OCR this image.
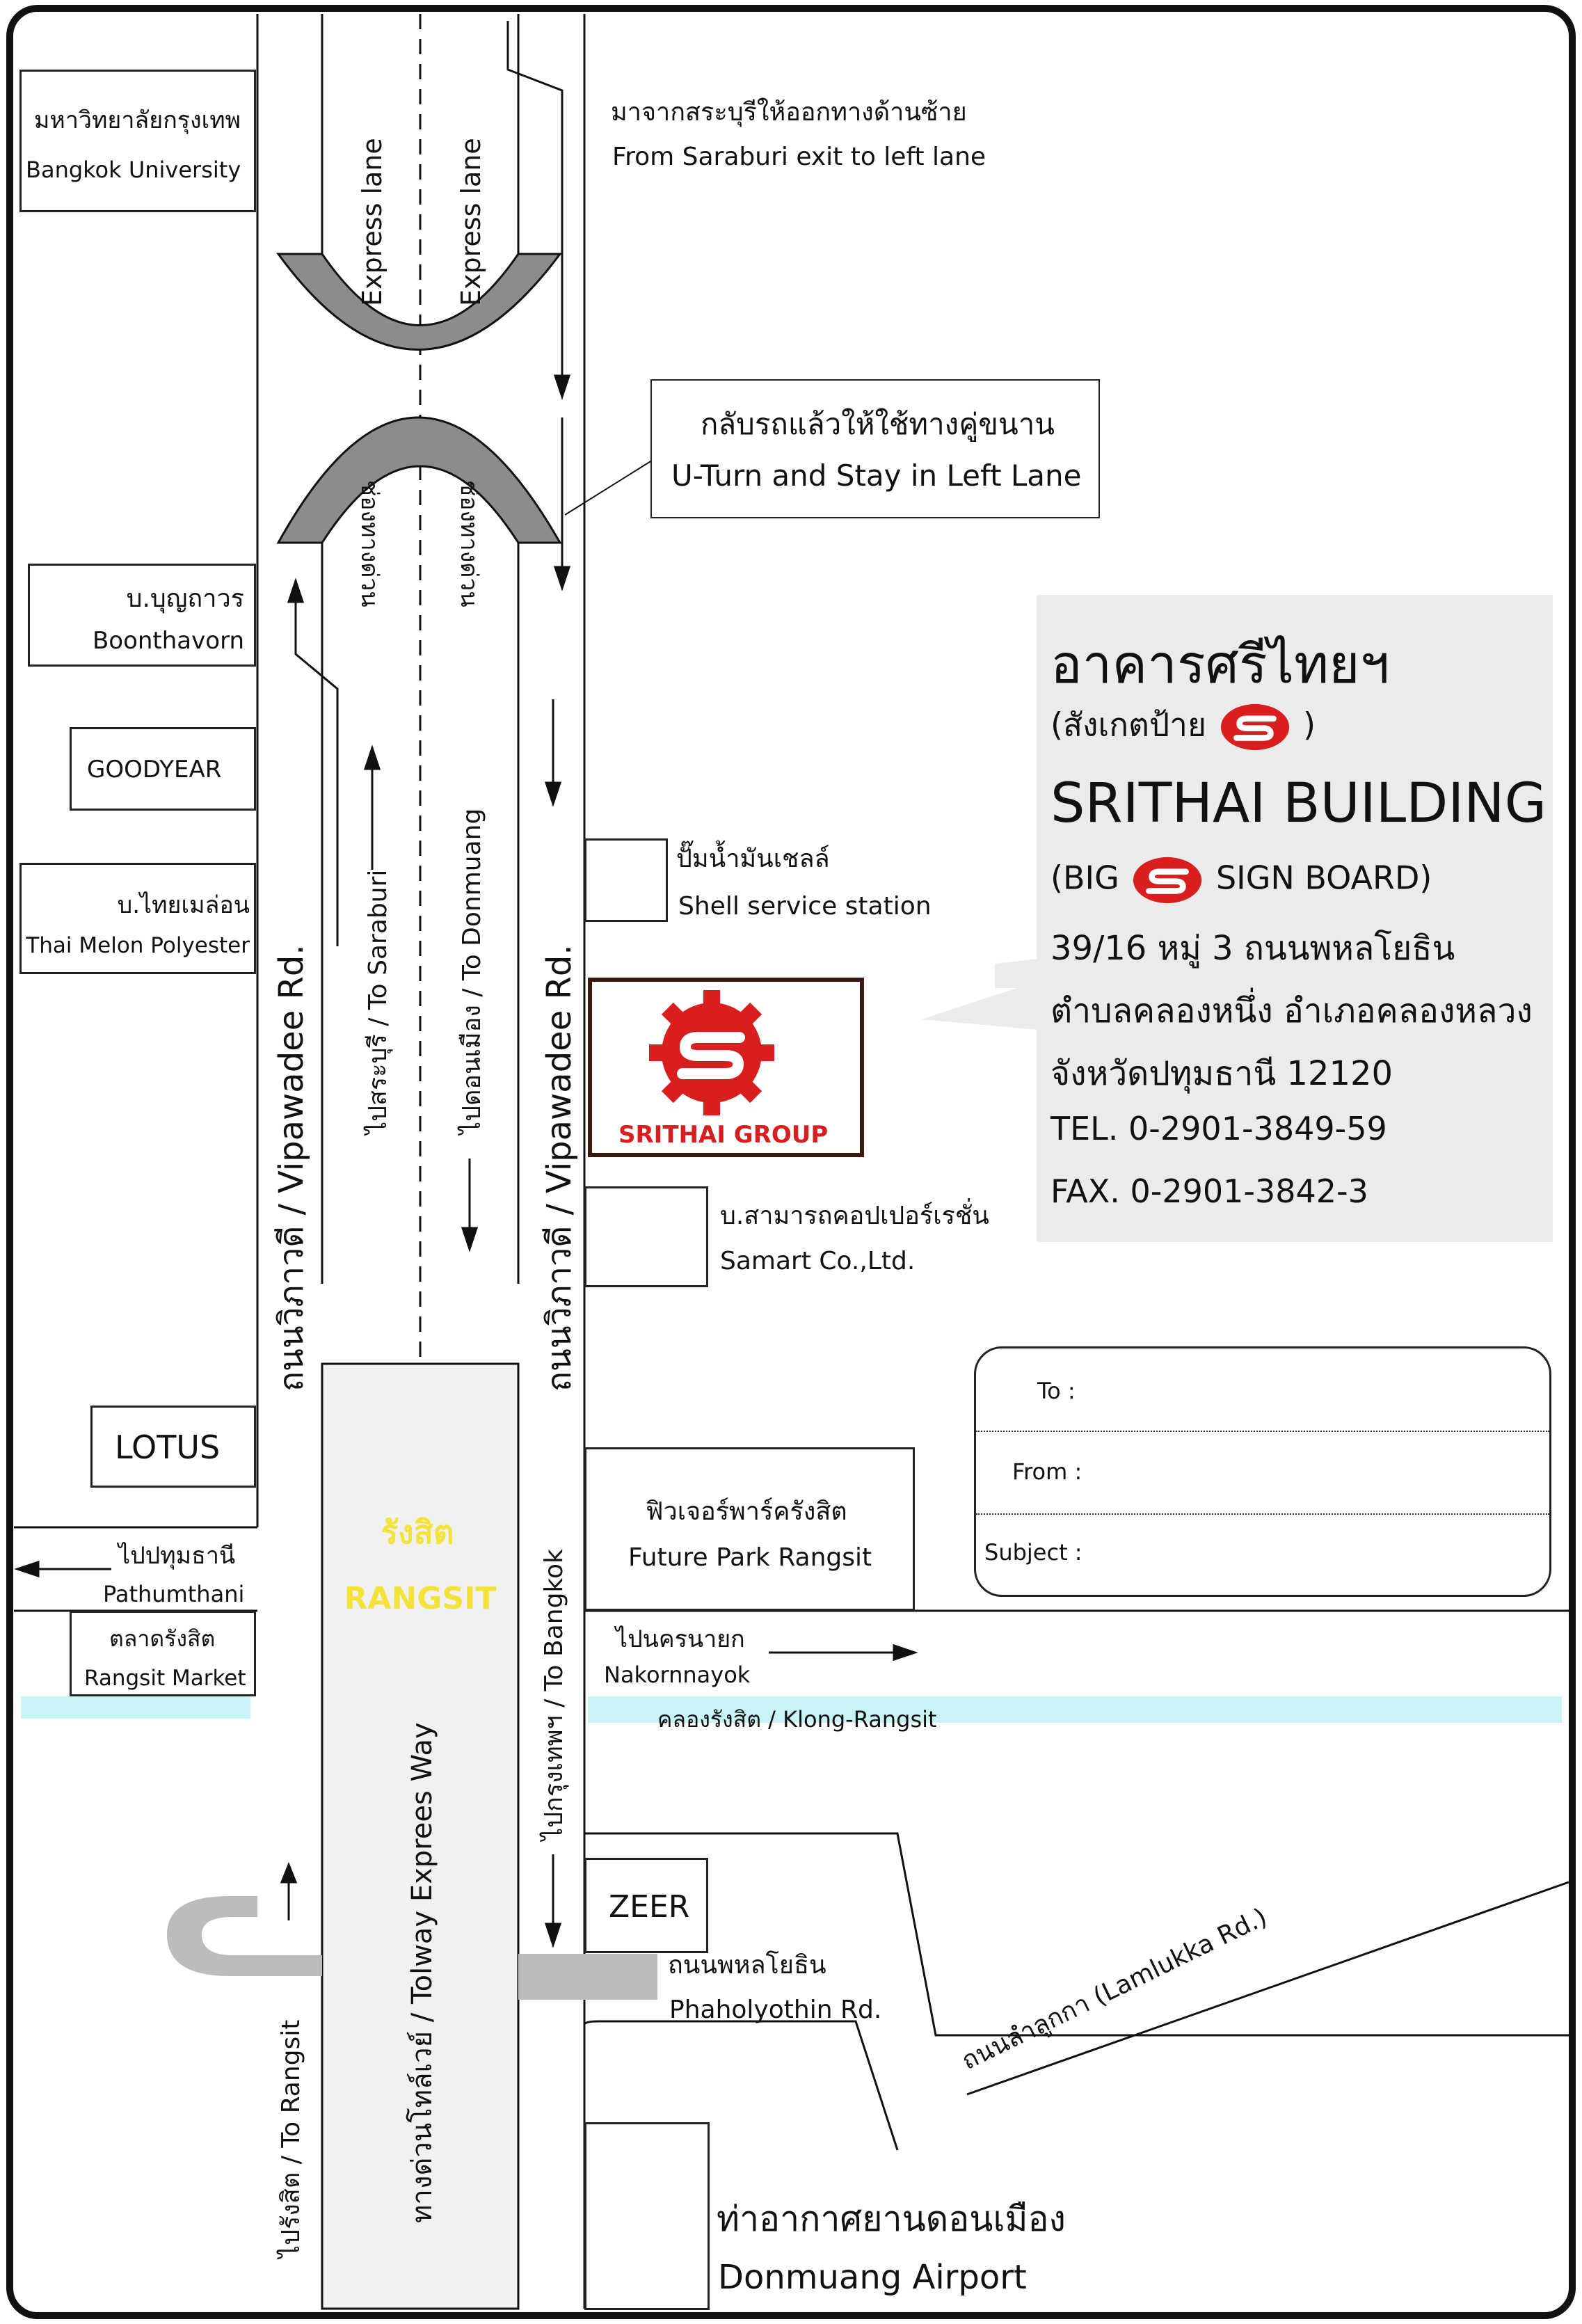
Express lane	Express lane
ช่องทางด่วน	ช่องทางด่วน
ถนนวิภาวดี / Vipawadee Rd.	ถนนวิภาวดี / Vipawadee Rd.
ไปสระบุรี / To Saraburi	ไปดอนเมือง / To Donmuang
ไปกรุงเทพฯ / To Bangkok
ไปรังสิต / To Rangsit	ทางด่วนโทล์เวย์ / Tolway Exprees Way	ถนนลำลูกกา (Lamlukka Rd.)
รังสิต
RANGSIT
คลองรังสิต / Klong-Rangsit
มหาวิทยาลัยกรุงเทพ
Bangkok University
บ.บุญถาวร
Boonthavorn
GOODYEAR
บ.ไทยเมล่อน
Thai Melon Polyester
LOTUS
ไปปทุมธานี
Pathumthani
ตลาดรังสิต
Rangsit Market
มาจากสระบุรีให้ออกทางด้านซ้าย
From Saraburi exit to left lane
กลับรถแล้วให้ใช้ทางคู่ขนาน
U-Turn and Stay in Left Lane
ปั๊มน้ำมันเชลล์
Shell service station
SRITHAI GROUP
บ.สามารถคอปเปอร์เรชั่น
Samart Co.,Ltd.
ฟิวเจอร์พาร์ครังสิต
Future Park Rangsit
ไปนครนายก
Nakornnayok
ZEER
ถนนพหลโยธิน
Phaholyothin Rd.
ท่าอากาศยานดอนเมือง
Donmuang Airport
อาคารศรีไทยฯ
(สังเกตป้าย	)
SRITHAI BUILDING
(BIG	SIGN BOARD)
39/16 หมู่ 3 ถนนพหลโยธิน
ตำบลคลองหนึ่ง อำเภอคลองหลวง
จังหวัดปทุมธานี 12120
TEL. 0-2901-3849-59
FAX. 0-2901-3842-3
To :
From :
Subject :
